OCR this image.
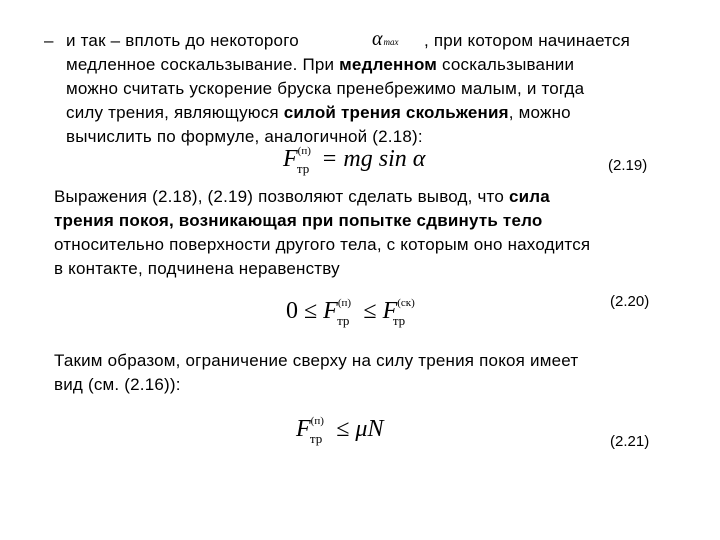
– и так – вплоть до некоторого	αmax , при котором начинается
медленное соскальзывание. При медленном соскальзывании
можно считать ускорение бруска пренебрежимо малым, и тогда
силу трения, являющуюся силой трения скольжения, можно
вычислить по формуле, аналогичной (2.18):
$F^{(п)}_{тр}$ = mg sin α	(2.19)
Выражения (2.18), (2.19) позволяют сделать вывод, что сила
трения покоя, возникающая при попытке сдвинуть тело
относительно поверхности другого тела, с которым оно находится
в контакте, подчинена неравенству
$0 \le F^{(п)}_{тр} \le F^{(ск)}_{тр}$
(2.20)
Таким образом, ограничение сверху на силу трения покоя имеет
вид (см. (2.16)):
$F^{(п)}_{тр} \le \mu N$	(2.21)
